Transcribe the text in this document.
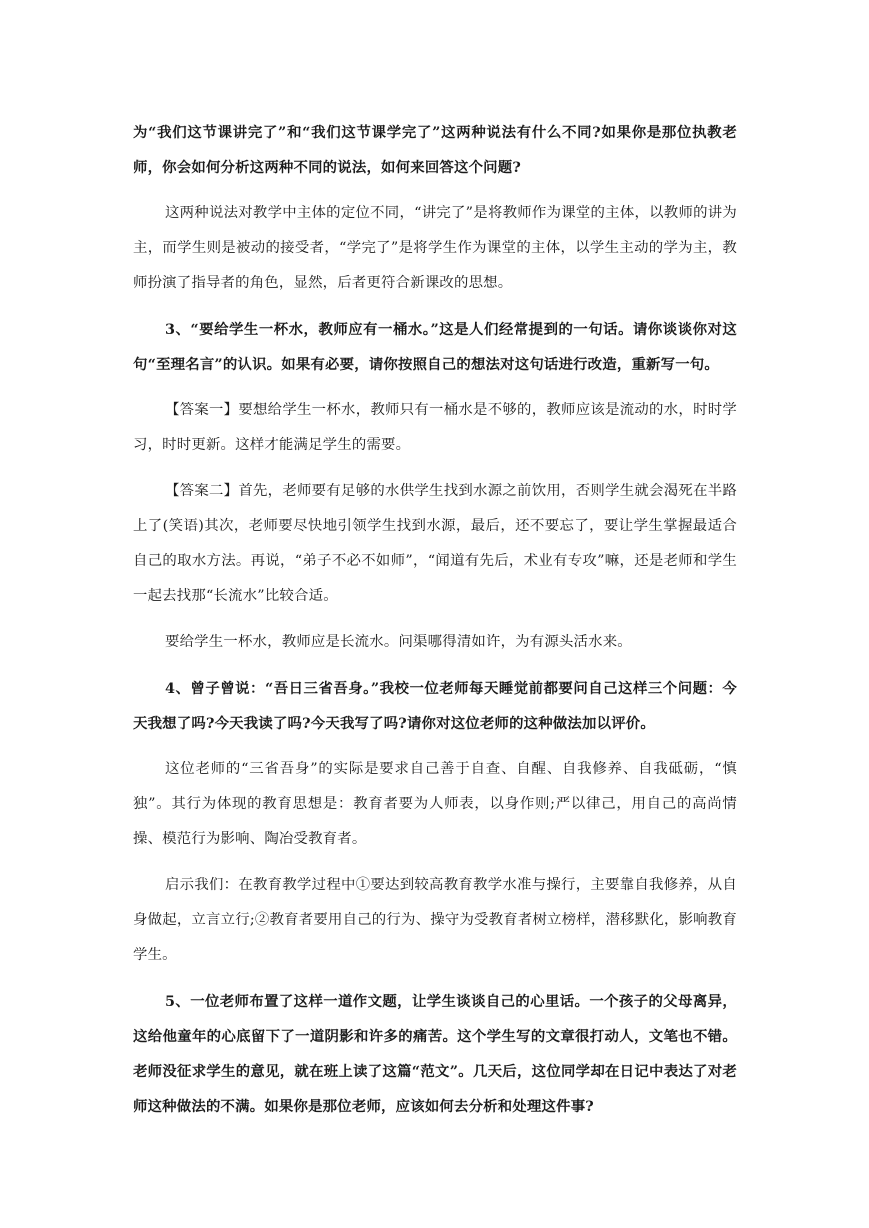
为“我们这节课讲完了”和“我们这节课学完了”这两种说法有什么不同?如果你是那位执教老师，你会如何分析这两种不同的说法，如何来回答这个问题?

这两种说法对教学中主体的定位不同，“讲完了”是将教师作为课堂的主体，以教师的讲为主，而学生则是被动的接受者，“学完了”是将学生作为课堂的主体，以学生主动的学为主，教师扮演了指导者的角色，显然，后者更符合新课改的思想。

3、“要给学生一杯水，教师应有一桶水。”这是人们经常提到的一句话。请你谈谈你对这句“至理名言”的认识。如果有必要，请你按照自己的想法对这句话进行改造，重新写一句。

【答案一】要想给学生一杯水，教师只有一桶水是不够的，教师应该是流动的水，时时学习，时时更新。这样才能满足学生的需要。

【答案二】首先，老师要有足够的水供学生找到水源之前饮用，否则学生就会渴死在半路上了(笑语)其次，老师要尽快地引领学生找到水源，最后，还不要忘了，要让学生掌握最适合自己的取水方法。再说，“弟子不必不如师”，“闻道有先后，术业有专攻”嘛，还是老师和学生一起去找那“长流水”比较合适。

要给学生一杯水，教师应是长流水。问渠哪得清如许，为有源头活水来。

4、曾子曾说：“吾日三省吾身。”我校一位老师每天睡觉前都要问自己这样三个问题：今天我想了吗?今天我读了吗?今天我写了吗?请你对这位老师的这种做法加以评价。

这位老师的“三省吾身”的实际是要求自己善于自查、自醒、自我修养、自我砥砺，“慎独”。其行为体现的教育思想是：教育者要为人师表，以身作则;严以律己，用自己的高尚情操、模范行为影响、陶冶受教育者。

启示我们：在教育教学过程中①要达到较高教育教学水准与操行，主要靠自我修养，从自身做起，立言立行;②教育者要用自己的行为、操守为受教育者树立榜样，潜移默化，影响教育学生。

5、一位老师布置了这样一道作文题，让学生谈谈自己的心里话。一个孩子的父母离异，这给他童年的心底留下了一道阴影和许多的痛苦。这个学生写的文章很打动人，文笔也不错。老师没征求学生的意见，就在班上读了这篇“范文”。几天后，这位同学却在日记中表达了对老师这种做法的不满。如果你是那位老师，应该如何去分析和处理这件事?
